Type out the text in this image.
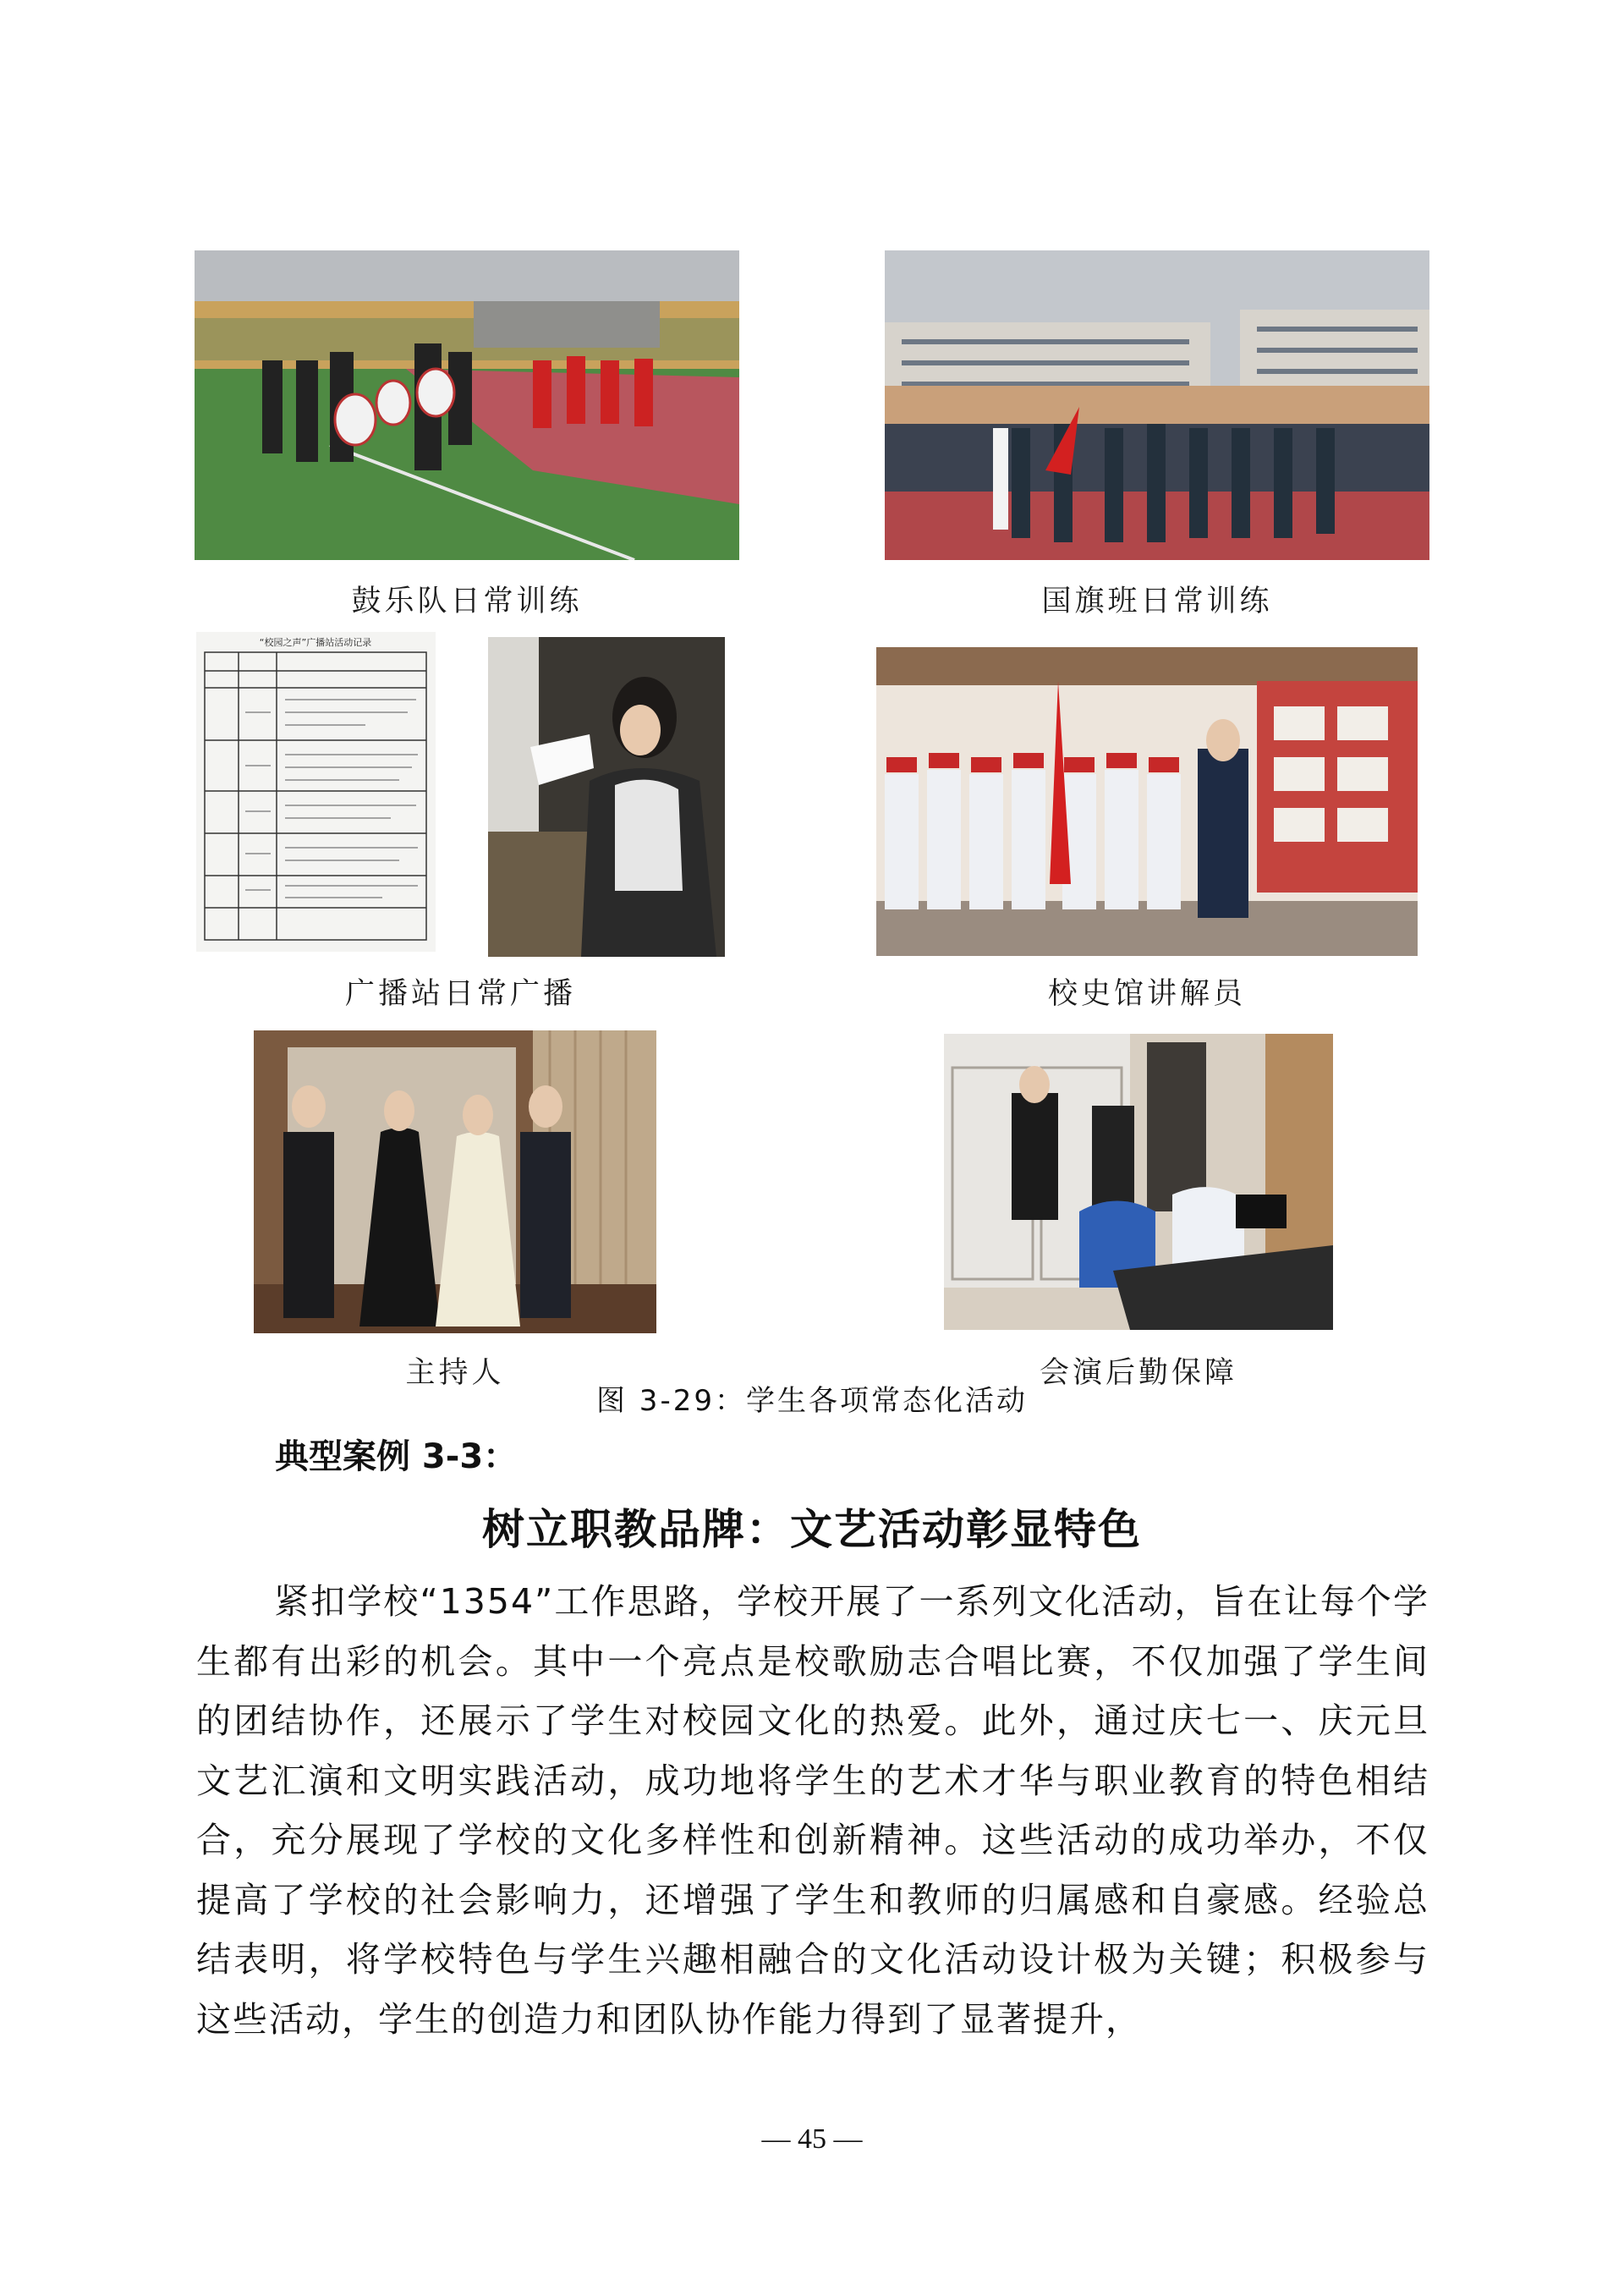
“校园之声”广播站活动记录
鼓乐队日常训练	国旗班日常训练
广播站日常广播	校史馆讲解员
主持人	会演后勤保障
图 3-29：学生各项常态化活动
典型案例 3-3：
树立职教品牌：文艺活动彰显特色

紧扣学校“1354”工作思路，学校开展了一系列文化活动，旨在让每个学生都有出彩的机会。其中一个亮点是校歌励志合唱比赛，不仅加强了学生间的团结协作，还展示了学生对校园文化的热爱。此外，通过庆七一、庆元旦文艺汇演和文明实践活动，成功地将学生的艺术才华与职业教育的特色相结合，充分展现了学校的文化多样性和创新精神。这些活动的成功举办，不仅提高了学校的社会影响力，还增强了学生和教师的归属感和自豪感。经验总结表明，将学校特色与学生兴趣相融合的文化活动设计极为关键；积极参与这些活动，学生的创造力和团队协作能力得到了显著提升，

— 45 —
